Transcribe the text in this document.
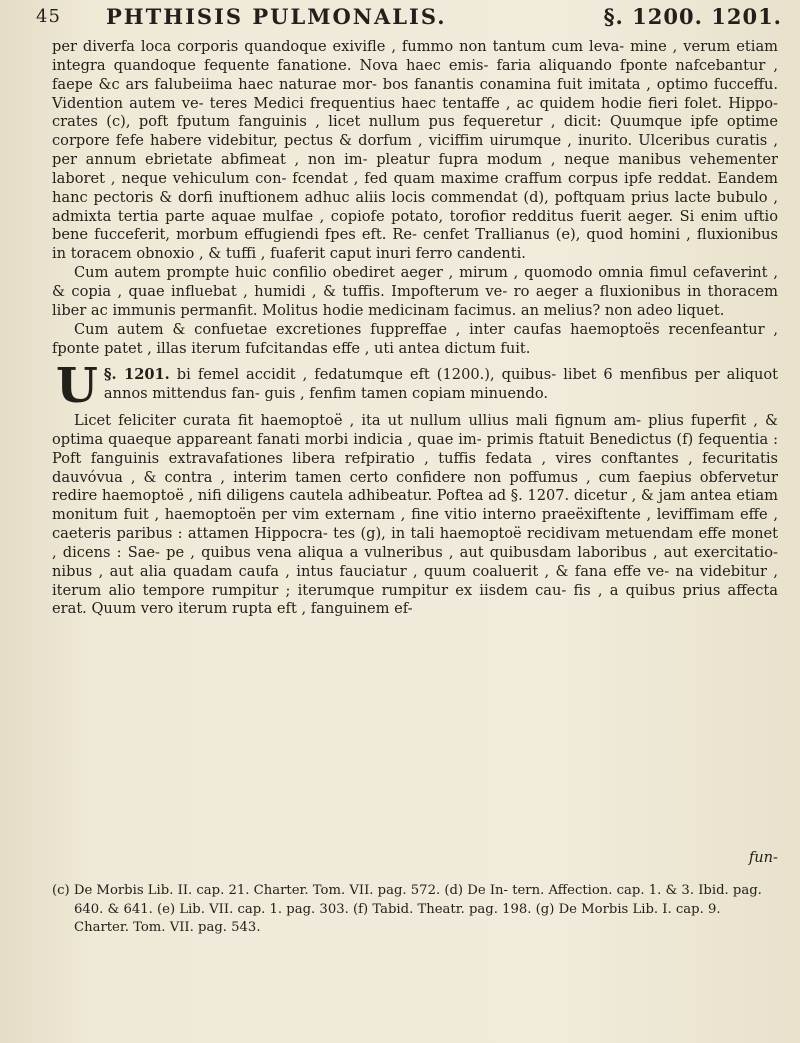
45 PHTHISIS PULMONALIS.	§. 1200. 1201.

per diverfa loca corporis quandoque exivifle , fummo non tantum cum leva- mine , verum etiam integra quandoque fequente fanatione. Nova haec emis- faria aliquando fponte nafcebantur , faepe &c ars falubeiima haec naturae mor- bos fanantis conamina fuit imitata , optimo fucceffu. Vidention autem ve- teres Medici frequentius haec tentaffe , ac quidem hodie fieri folet. Hippo- crates (c), poft fputum fanguinis , licet nullum pus fequeretur , dicit: Quumque ipfe optime corpore fefe habere videbitur, pectus & dorfum , viciffim uirumque , inurito. Ulceribus curatis , per annum ebrietate abfimeat , non im- pleatur fupra modum , neque manibus vehementer laboret , neque vehiculum con- fcendat , fed quam maxime craffum corpus ipfe reddat. Eandem hanc pectoris & dorfi inuftionem adhuc aliis locis commendat (d), poftquam prius lacte bubulo , admixta tertia parte aquae mulfae , copiofe potato, torofior redditus fuerit aeger. Si enim uftio bene fucceferit, morbum effugiendi fpes eft. Re- cenfet Trallianus (e), quod homini , fluxionibus in toracem obnoxio , & tuffi , fuaferit caput inuri ferro candenti.

Cum autem prompte huic confilio obediret aeger , mirum , quomodo omnia fimul cefaverint , & copia , quae influebat , humidi , & tuffis. Impofterum ve- ro aeger a fluxionibus in thoracem liber ac immunis permanfit. Molitus hodie medicinam facimus. an melius? non adeo liquet.

Cum autem & confuetae excretiones fuppreffae , inter caufas haemoptoës recenfeantur , fponte patet , illas iterum fufcitandas effe , uti antea dictum fuit.

§. 1201.
U	bi femel accidit , fedatumque eft (1200.), quibus- libet 6 menfibus per aliquot annos mittendus fan- guis , fenfim tamen copiam minuendo.

Licet feliciter curata fit haemoptoë , ita ut nullum ullius mali fignum am- plius fuperfit , & optima quaeque appareant fanati morbi indicia , quae im- primis ftatuit Benedictus (f) fequentia : Poft fanguinis extravafationes libera refpiratio , tuffis fedata , vires conftantes , fecuritatis dauvóvua , & contra , interim tamen certo confidere non poffumus , cum faepius obfervetur redire haemoptoë , nifi diligens cautela adhibeatur. Poftea ad §. 1207. dicetur , & jam antea etiam monitum fuit , haemoptoën per vim externam , fine vitio interno praeëxiftente , leviffimam effe , caeteris paribus : attamen Hippocra- tes (g), in tali haemoptoë recidivam metuendam effe monet , dicens : Sae- pe , quibus vena aliqua a vulneribus , aut quibusdam laboribus , aut exercitatio- nibus , aut alia quadam caufa , intus fauciatur , quum coaluerit , & fana effe ve- na videbitur , iterum alio tempore rumpitur ; iterumque rumpitur ex iisdem cau- fis , a quibus prius affecta erat. Quum vero iterum rupta eft , fanguinem ef-

fun-

(c) De Morbis Lib. II. cap. 21. Charter. Tom. VII. pag. 572. (d) De In- tern. Affection. cap. 1. & 3. Ibid. pag. 640. & 641. (e) Lib. VII. cap. 1. pag. 303. (f) Tabid. Theatr. pag. 198. (g) De Morbis Lib. I. cap. 9. Charter. Tom. VII. pag. 543.
